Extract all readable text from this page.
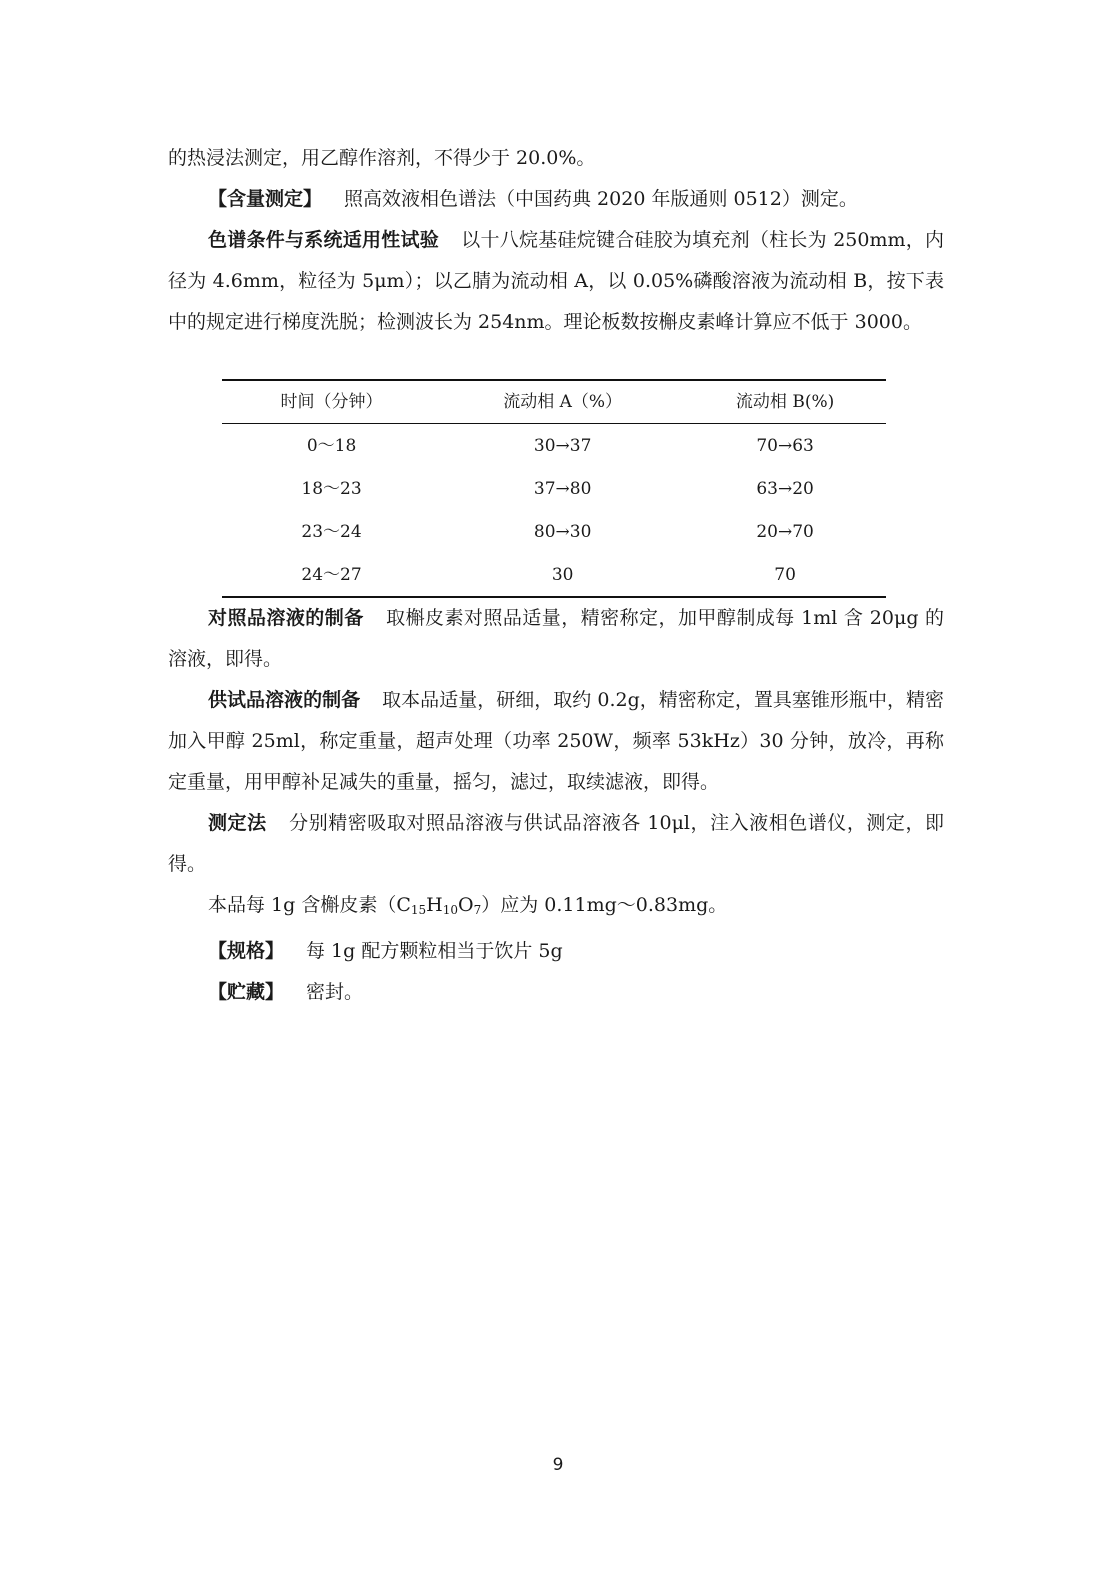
的热浸法测定，用乙醇作溶剂，不得少于 20.0%。

【含量测定】 照高效液相色谱法（中国药典 2020 年版通则 0512）测定。

色谱条件与系统适用性试验 以十八烷基硅烷键合硅胶为填充剂（柱长为 250mm，内径为 4.6mm，粒径为 5μm）；以乙腈为流动相 A，以 0.05%磷酸溶液为流动相 B，按下表中的规定进行梯度洗脱；检测波长为 254nm。理论板数按槲皮素峰计算应不低于 3000。

时间（分钟）	流动相 A（%）	流动相 B(%)
0～18	30→37	70→63
18～23	37→80	63→20
23～24	80→30	20→70
24～27	30	70

对照品溶液的制备 取槲皮素对照品适量，精密称定，加甲醇制成每 1ml 含 20μg 的溶液，即得。

供试品溶液的制备 取本品适量，研细，取约 0.2g，精密称定，置具塞锥形瓶中，精密加入甲醇 25ml，称定重量，超声处理（功率 250W，频率 53kHz）30 分钟，放冷，再称定重量，用甲醇补足减失的重量，摇匀，滤过，取续滤液，即得。

测定法 分别精密吸取对照品溶液与供试品溶液各 10μl，注入液相色谱仪，测定，即得。

本品每 1g 含槲皮素$(C_{15}H_{10}O_7)$应为 0.11mg～0.83mg。

【规格】 每 1g 配方颗粒相当于饮片 5g

【贮藏】 密封。

9
